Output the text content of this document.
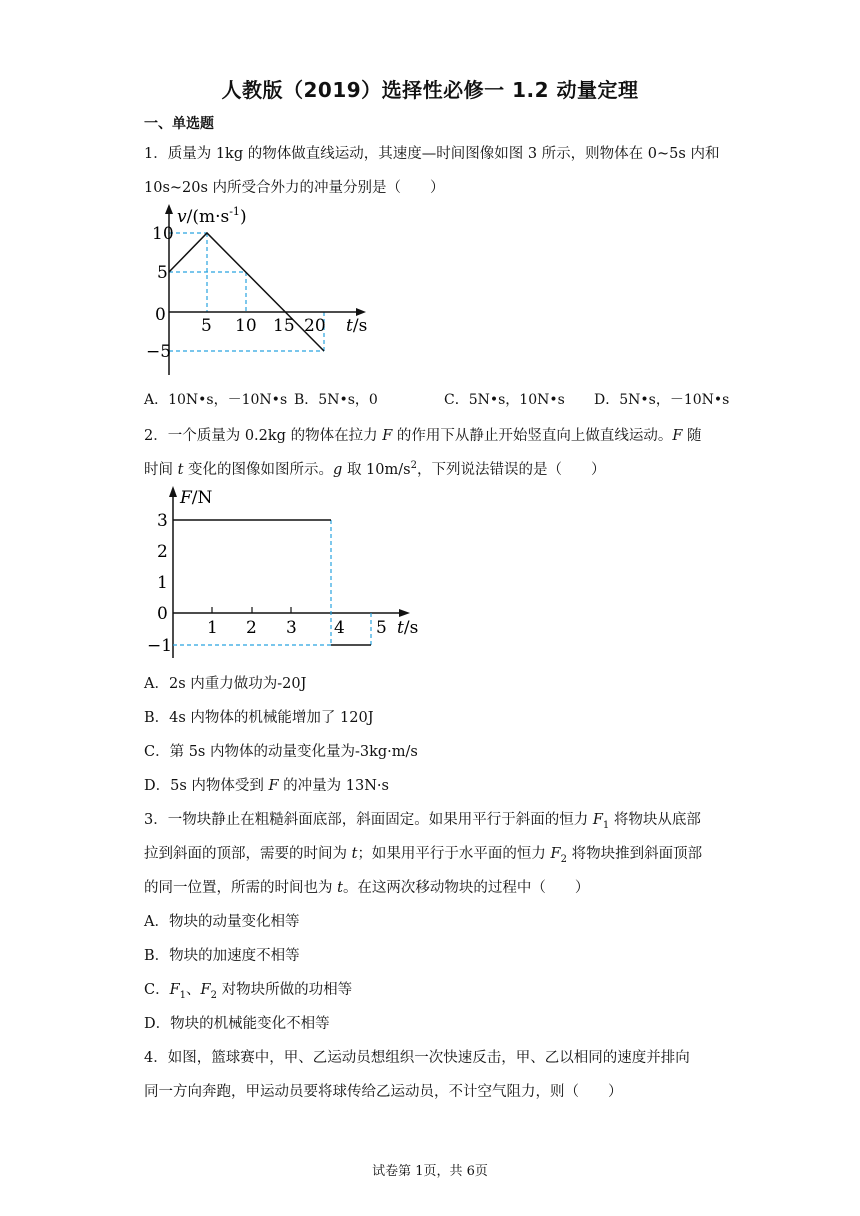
人教版（2019）选择性必修一 1.2 动量定理
一、单选题
1．质量为 1kg 的物体做直线运动，其速度—时间图像如图 3 所示，则物体在 0~5s 内和
10s~20s 内所受合外力的冲量分别是（　　）
$v/(m\cdot s^{-1})$
10
5
0
−5
5 10 15 20 t/s
A．10N•s，－10N•s B．5N•s，0	C．5N•s，10N•s D．5N•s，－10N•s
2．一个质量为 0.2kg 的物体在拉力 F 的作用下从静止开始竖直向上做直线运动。F 随
时间 t 变化的图像如图所示。g 取 $10m/s^2$，下列说法错误的是（　　）
F/N
3
2
1
0
−1
1 2 3 4 5 t/s
A．2s 内重力做功为-20J
B．4s 内物体的机械能增加了 120J
C．第 5s 内物体的动量变化量为-3kg·m/s
D．5s 内物体受到 F 的冲量为 13N·s
3．一物块静止在粗糙斜面底部，斜面固定。如果用平行于斜面的恒力 $F_1$ 将物块从底部
拉到斜面的顶部，需要的时间为 t；如果用平行于水平面的恒力 $F_2$ 将物块推到斜面顶部
的同一位置，所需的时间也为 t。在这两次移动物块的过程中（　　）
A．物块的动量变化相等
B．物块的加速度不相等
C．$F_1$、$F_2$ 对物块所做的功相等
D．物块的机械能变化不相等
4．如图，篮球赛中，甲、乙运动员想组织一次快速反击，甲、乙以相同的速度并排向
同一方向奔跑，甲运动员要将球传给乙运动员，不计空气阻力，则（　　）
试卷第 1页，共 6页
